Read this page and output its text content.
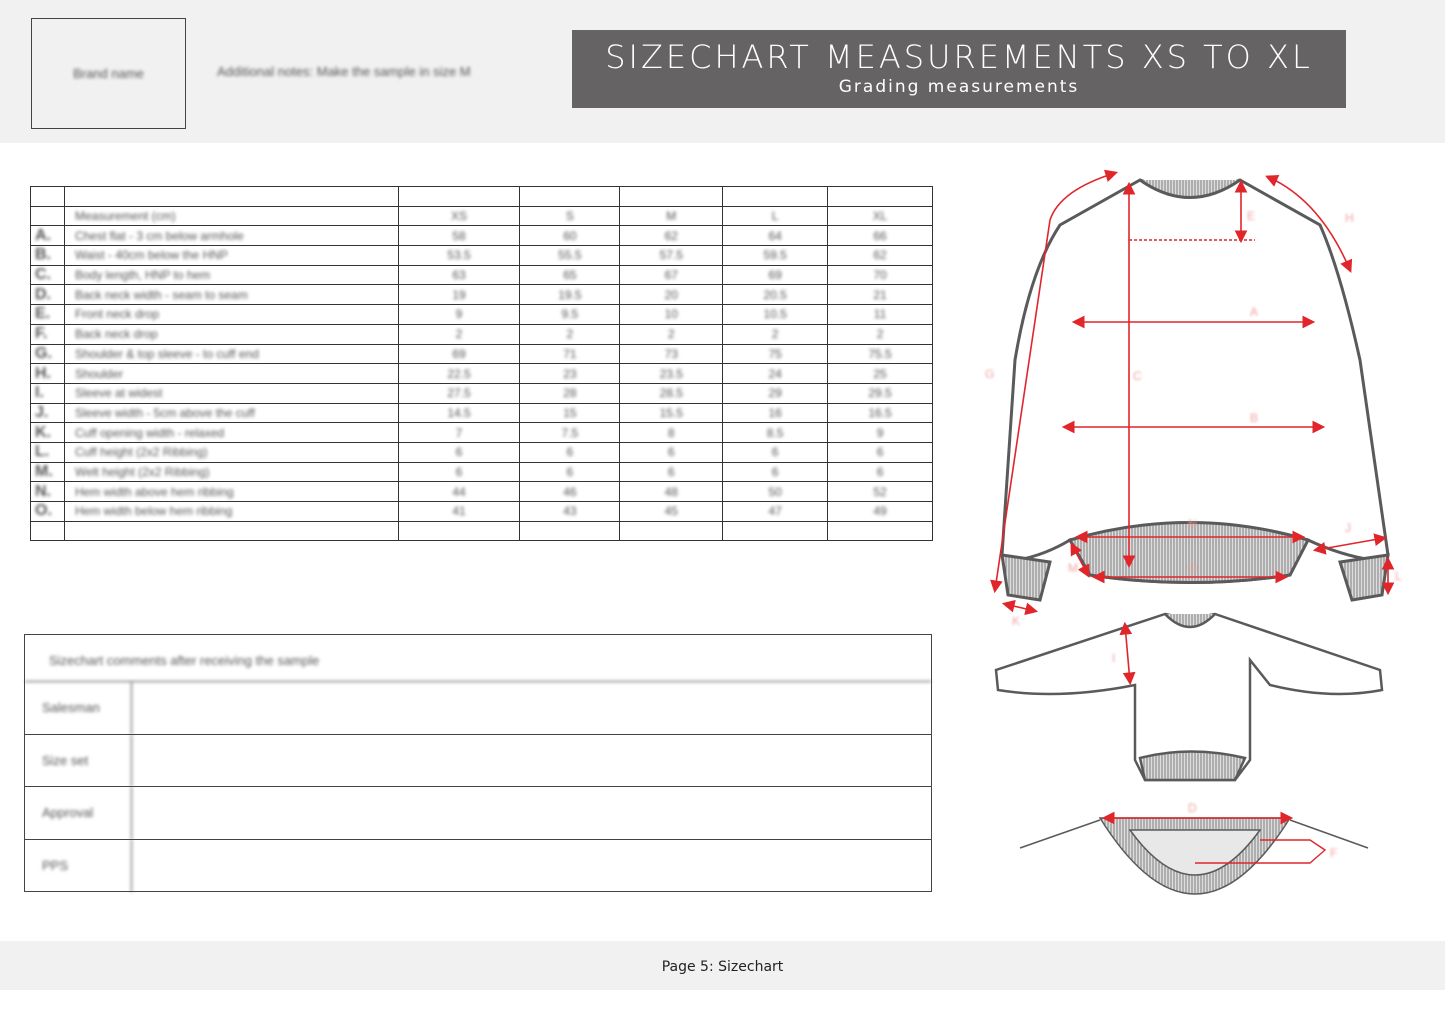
Brand name	Additional notes: Make the sample in size M	SIZECHART MEASUREMENTS XS TO XL
Grading measurements

	Measurement (cm)	XS	S	M	L	XL
A.	Chest flat - 3 cm below armhole	58	60	62	64	66
B.	Waist - 40cm below the HNP	53.5	55.5	57.5	59.5	62
C.	Body length, HNP to hem	63	65	67	69	70
D.	Back neck width - seam to seam	19	19.5	20	20.5	21
E.	Front neck drop	9	9.5	10	10.5	11
F.	Back neck drop	2	2	2	2	2
G.	Shoulder & top sleeve - to cuff end	69	71	73	75	75.5
H.	Shoulder	22.5	23	23.5	24	25
I.	Sleeve at widest	27.5	28	28.5	29	29.5
J.	Sleeve width - 5cm above the cuff	14.5	15	15.5	16	16.5
K.	Cuff opening width - relaxed	7	7.5	8	8.5	9
L.	Cuff height (2x2 Ribbing)	6	6	6	6	6
M.	Welt height (2x2 Ribbing)	6	6	6	6	6
N.	Hem width above hem ribbing	44	46	48	50	52
O.	Hem width below hem ribbing	41	43	45	47	49

Sizechart comments after receiving the sample
Salesman
Size set
Approval
PPS
A
B
C
E
G
H
N
O
J
L
K
M
I
D
F
Page 5: Sizechart
